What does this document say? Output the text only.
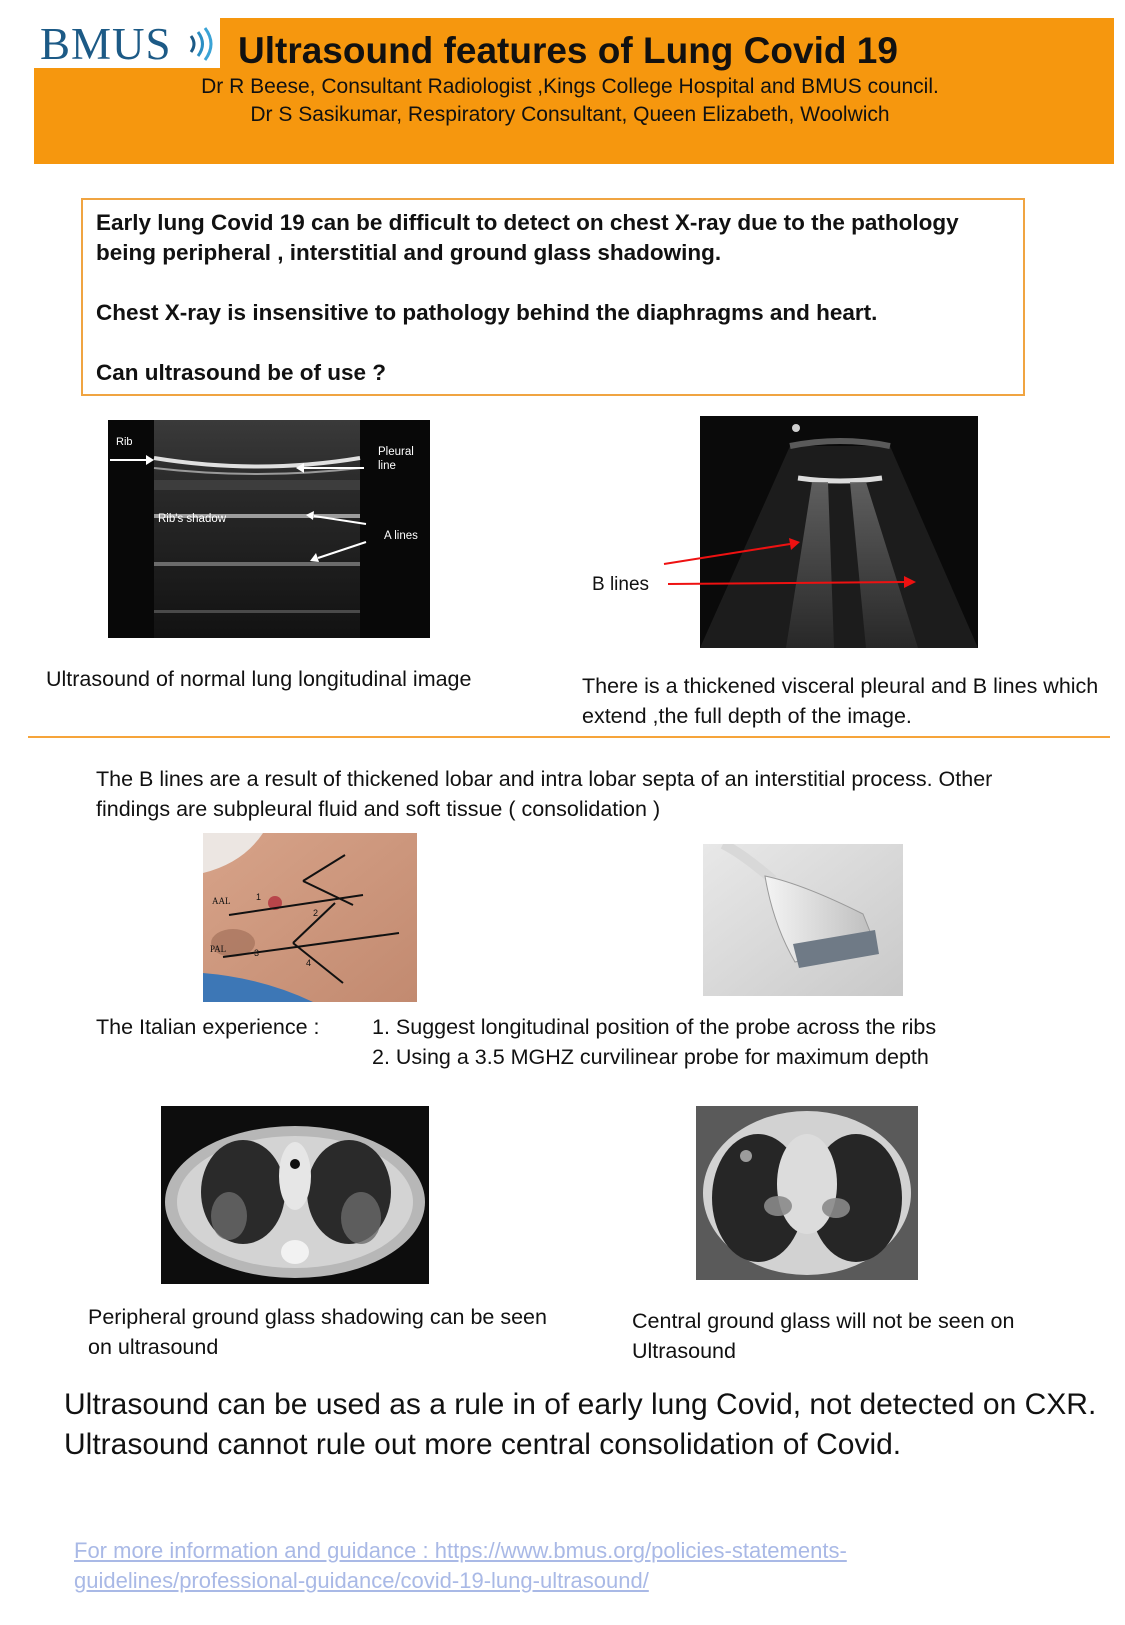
BMUS Ultrasound features of Lung Covid 19
Dr R Beese, Consultant Radiologist ,Kings College Hospital and BMUS council.
Dr S Sasikumar, Respiratory Consultant, Queen Elizabeth, Woolwich
Early lung Covid 19 can be difficult to detect on chest X-ray due to the pathology being peripheral , interstitial and ground glass shadowing.
Chest X-ray is insensitive to pathology behind the diaphragms and heart.
Can ultrasound be of use ?
Rib
Pleural
line
Rib's shadow
A lines
Ultrasound of normal lung longitudinal image
B lines
There is a thickened visceral pleural and B lines which extend ,the full depth of the image.
The B lines are a result of thickened lobar and intra lobar septa of an interstitial process. Other findings are subpleural fluid and soft tissue ( consolidation )
AAL
PAL
1
2
3
4
The Italian experience : 1. Suggest longitudinal position of the probe across the ribs
2. Using a 3.5 MGHZ curvilinear probe for maximum depth
Peripheral ground glass shadowing can be seen on ultrasound
Central ground glass will not be seen on Ultrasound
Ultrasound can be used as a rule in of early lung Covid, not detected on CXR.
Ultrasound cannot rule out more central consolidation of Covid.
For more information and guidance : https://www.bmus.org/policies-statements-guidelines/professional-guidance/covid-19-lung-ultrasound/
